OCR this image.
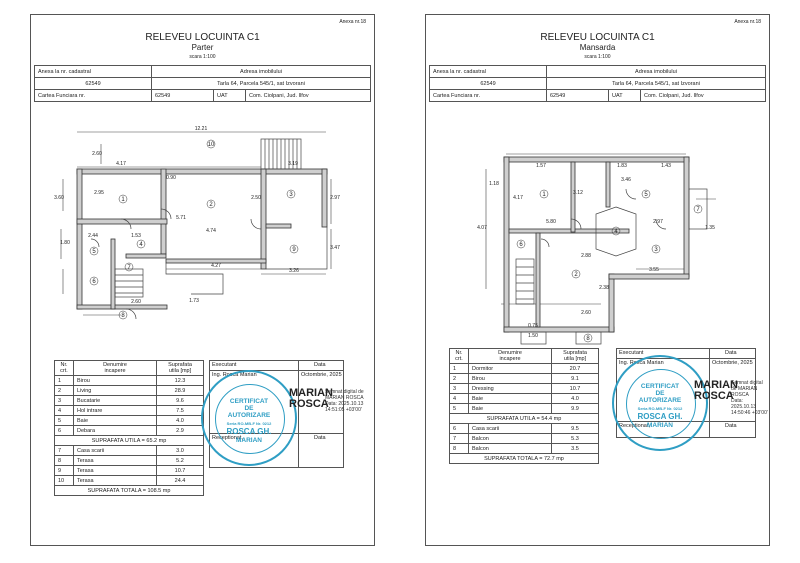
Anexa nr.18
RELEVEU LOCUINTA C1
Parter
scara 1:100
Anexa la nr. cadastral	Adresa imobilului		
62549	Tarla 64, Parcela 545/1, sat Izvorani		
Cartea Funciara nr.	62549	UAT	Com. Ciolpani, Jud. Ilfov
12.21
4.17
4.74
3.19
4.27
3.26
2.44	1.53
2.60
5.71
3.47
2.95
2.50
1.80
3.60
2.60
2.97
1.73
0.90
1
2
3
4
5
6
7
8
9
10
Nr.
crt.	Denumire
incapere	Suprafata
utila [mp]
1	Birou	12.3
2	Living	28.9
3	Bucatarie	9.6
4	Hol intrare	7.5
5	Baie	4.0
6	Debara	2.9
SUPRAFATA UTILA = 65.2 mp		
7	Casa scarii	3.0
8	Terasa	5.2
9	Terasa	10.7
10	Terasa	24.4
SUPRAFATA TOTALA = 108.5 mp		
Executant	Data
Ing. Rosca Marian	Octombrie, 2025
Receptionat,	Data
CERTIFICAT
DE
AUTORIZARE
Seria RO-MB-F Nr. 0212
ROSCA GH.
MARIAN
MARIAN
ROSCA
Semnat digital de
MARIAN ROSCA
Data: 2025.10.13
14:51:05 +03'00'
Anexa nr.18
RELEVEU LOCUINTA C1
Mansarda
scara 1:100
Anexa la nr. cadastral	Adresa imobilului		
62549	Tarla 64, Parcela 545/1, sat Izvorani		
Cartea Funciara nr.	62549	UAT	Com. Ciolpani, Jud. Ilfov
1.57	1.83	1.43
4.17
3.12
5.80
3.46
2.97
1.35
2.88
3.55
2.60
4.07
0.75
1.50
1.18
2.38
1
2
3
4
5
6
7
8
Nr.
crt.	Denumire
incapere	Suprafata
utila [mp]
1	Dormitor	20.7
2	Birou	9.1
3	Dressing	10.7
4	Baie	4.0
5	Baie	9.9
SUPRAFATA UTILA = 54.4 mp		
6	Casa scarii	9.5
7	Balcon	5.3
8	Balcon	3.5
SUPRAFATA TOTALA = 72.7 mp		
Executant	Data
Ing. Rosca Marian	Octombrie, 2025
Receptionat,	Data
CERTIFICAT
DE
AUTORIZARE
Seria RO-MB-F Nr. 0212
ROSCA GH.
MARIAN
MARIAN
ROSCA
Semnat digital
de MARIAN
ROSCA
Data: 2025.10.13
14:50:46 +03'00'
